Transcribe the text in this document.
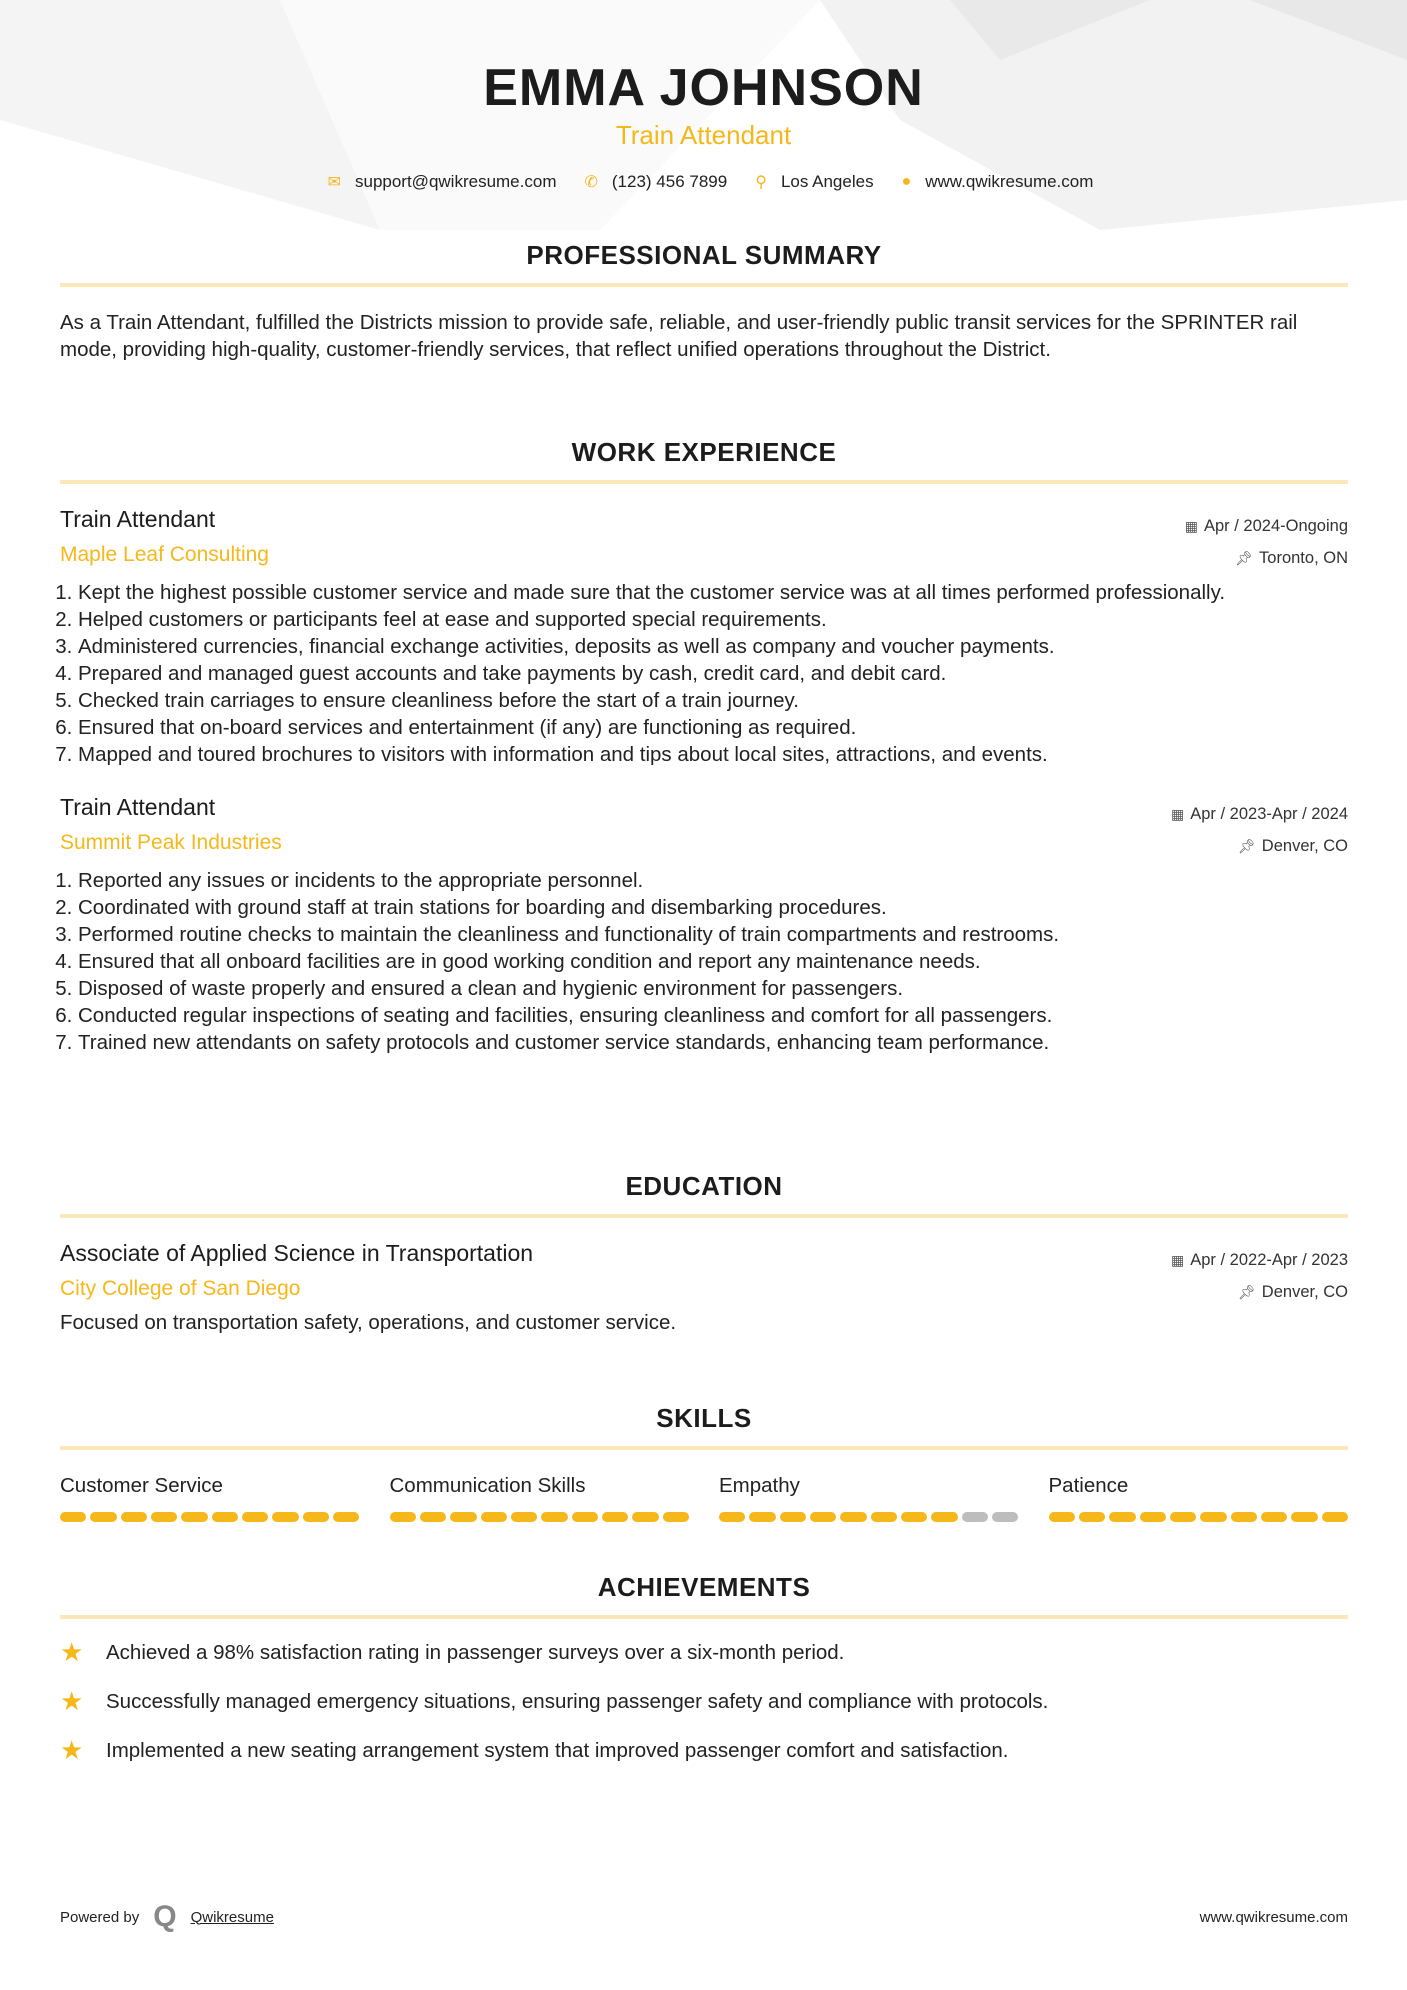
EMMA JOHNSON
Train Attendant
✉ support@qwikresume.com ✆ (123) 456 7899 ⚲ Los Angeles ● www.qwikresume.com
PROFESSIONAL SUMMARY

As a Train Attendant, fulfilled the Districts mission to provide safe, reliable, and user-friendly public transit services for the SPRINTER rail mode, providing high-quality, customer-friendly services, that reflect unified operations throughout the District.

WORK EXPERIENCE
Train Attendant
Maple Leaf Consulting
▦ Apr / 2024-Ongoing
📌︎ Toronto, ON
1. Kept the highest possible customer service and made sure that the customer service was at all times performed professionally.
2. Helped customers or participants feel at ease and supported special requirements.
3. Administered currencies, financial exchange activities, deposits as well as company and voucher payments.
4. Prepared and managed guest accounts and take payments by cash, credit card, and debit card.
5. Checked train carriages to ensure cleanliness before the start of a train journey.
6. Ensured that on-board services and entertainment (if any) are functioning as required.
7. Mapped and toured brochures to visitors with information and tips about local sites, attractions, and events.
Train Attendant
Summit Peak Industries
▦ Apr / 2023-Apr / 2024
📌︎ Denver, CO
1. Reported any issues or incidents to the appropriate personnel.
2. Coordinated with ground staff at train stations for boarding and disembarking procedures.
3. Performed routine checks to maintain the cleanliness and functionality of train compartments and restrooms.
4. Ensured that all onboard facilities are in good working condition and report any maintenance needs.
5. Disposed of waste properly and ensured a clean and hygienic environment for passengers.
6. Conducted regular inspections of seating and facilities, ensuring cleanliness and comfort for all passengers.
7. Trained new attendants on safety protocols and customer service standards, enhancing team performance.
EDUCATION
Associate of Applied Science in Transportation
City College of San Diego
▦ Apr / 2022-Apr / 2023
📌︎ Denver, CO

Focused on transportation safety, operations, and customer service.

SKILLS
Customer Service	Communication Skills	Empathy	Patience
ACHIEVEMENTS
★	Achieved a 98% satisfaction rating in passenger surveys over a six-month period.
★	Successfully managed emergency situations, ensuring passenger safety and compliance with protocols.
★	Implemented a new seating arrangement system that improved passenger comfort and satisfaction.
Powered by Q Qwikresume	www.qwikresume.com
